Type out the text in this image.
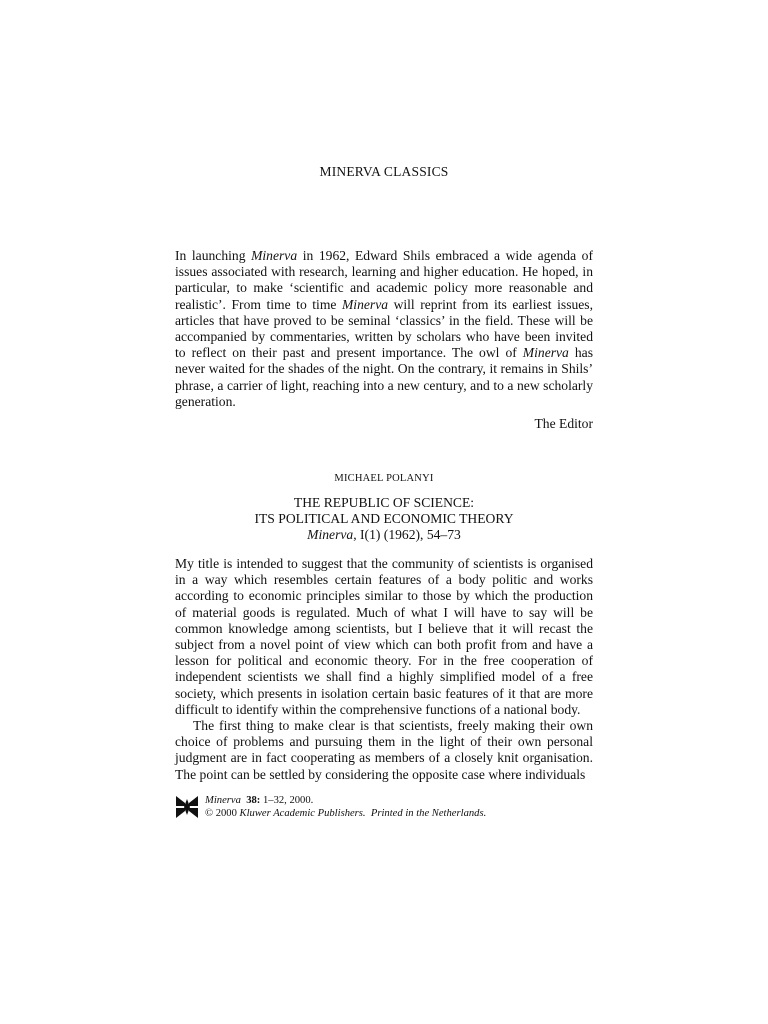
MINERVA CLASSICS

In launching Minerva in 1962, Edward Shils embraced a wide agenda of issues associated with research, learning and higher education. He hoped, in particular, to make ‘scientific and academic policy more reasonable and realistic’. From time to time Minerva will reprint from its earliest issues, articles that have proved to be seminal ‘classics’ in the field. These will be accompanied by commentaries, written by scholars who have been invited to reflect on their past and present importance. The owl of Minerva has never waited for the shades of the night. On the contrary, it remains in Shils’ phrase, a carrier of light, reaching into a new century, and to a new scholarly generation.

The Editor
MICHAEL POLANYI
THE REPUBLIC OF SCIENCE:
ITS POLITICAL AND ECONOMIC THEORY
Minerva, I(1) (1962), 54–73

My title is intended to suggest that the community of scientists is organised in a way which resembles certain features of a body politic and works according to economic principles similar to those by which the production of material goods is regulated. Much of what I will have to say will be common knowledge among scientists, but I believe that it will recast the subject from a novel point of view which can both profit from and have a lesson for political and economic theory. For in the free cooperation of independent scientists we shall find a highly simplified model of a free society, which presents in isolation certain basic features of it that are more difficult to identify within the comprehensive functions of a national body.

The first thing to make clear is that scientists, freely making their own choice of problems and pursuing them in the light of their own personal judgment are in fact cooperating as members of a closely knit organisation. The point can be settled by considering the opposite case where individuals

Minerva 38: 1–32, 2000.
© 2000 Kluwer Academic Publishers. Printed in the Netherlands.
